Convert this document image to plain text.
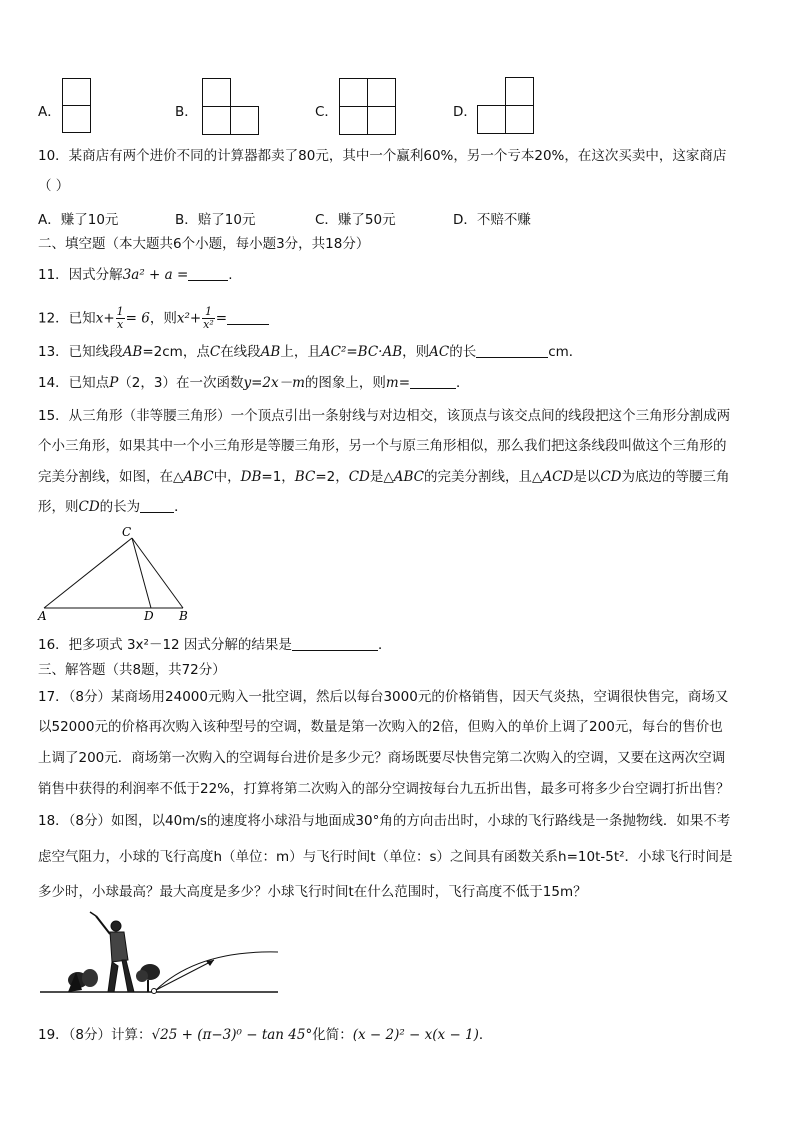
A．	B．	C．	D．
10．某商店有两个进价不同的计算器都卖了80元，其中一个赢利60%，另一个亏本20%，在这次买卖中，这家商店
（ ）
A．赚了10元	B．赔了10元	C．赚了50元	D．不赔不赚
二、填空题（本大题共6个小题，每小题3分，共18分）
11．因式分解3a² + a =	.
12．已知$x+ \frac{1}{x} = 6$，则$x^2+ \frac{1}{\text{x²}}$ =
13．已知线段AB=2cm，点C在线段AB上，且AC²=BC·AB，则AC的长	cm．
14．已知点P（2，3）在一次函数y=2x－m的图象上，则m=	．
15．从三角形（非等腰三角形）一个顶点引出一条射线与对边相交，该顶点与该交点间的线段把这个三角形分割成两
个小三角形，如果其中一个小三角形是等腰三角形，另一个与原三角形相似，那么我们把这条线段叫做这个三角形的
完美分割线，如图，在△ABC中，DB=1，BC=2，CD是△ABC的完美分割线，且△ACD是以CD为底边的等腰三角
形，则CD的长为	．
C
A	D B
16．把多项式 3x²－12 因式分解的结果是	．
三、解答题（共8题，共72分）
17．（8分）某商场用24000元购入一批空调，然后以每台3000元的价格销售，因天气炎热，空调很快售完，商场又
以52000元的价格再次购入该种型号的空调，数量是第一次购入的2倍，但购入的单价上调了200元，每台的售价也
上调了200元．商场第一次购入的空调每台进价是多少元？商场既要尽快售完第二次购入的空调，又要在这两次空调
销售中获得的利润率不低于22%，打算将第二次购入的部分空调按每台九五折出售，最多可将多少台空调打折出售？
18．（8分）如图，以40m/s的速度将小球沿与地面成30°角的方向击出时，小球的飞行路线是一条抛物线．如果不考
虑空气阻力，小球的飞行高度h（单位：m）与飞行时间t（单位：s）之间具有函数关系h=10t-5t²．小球飞行时间是
多少时，小球最高？最大高度是多少？小球飞行时间t在什么范围时，飞行高度不低于15m？
19．（8分）计算：√25 + (π−3)⁰ − tan 45°化简：(x − 2)² − x(x − 1)．
